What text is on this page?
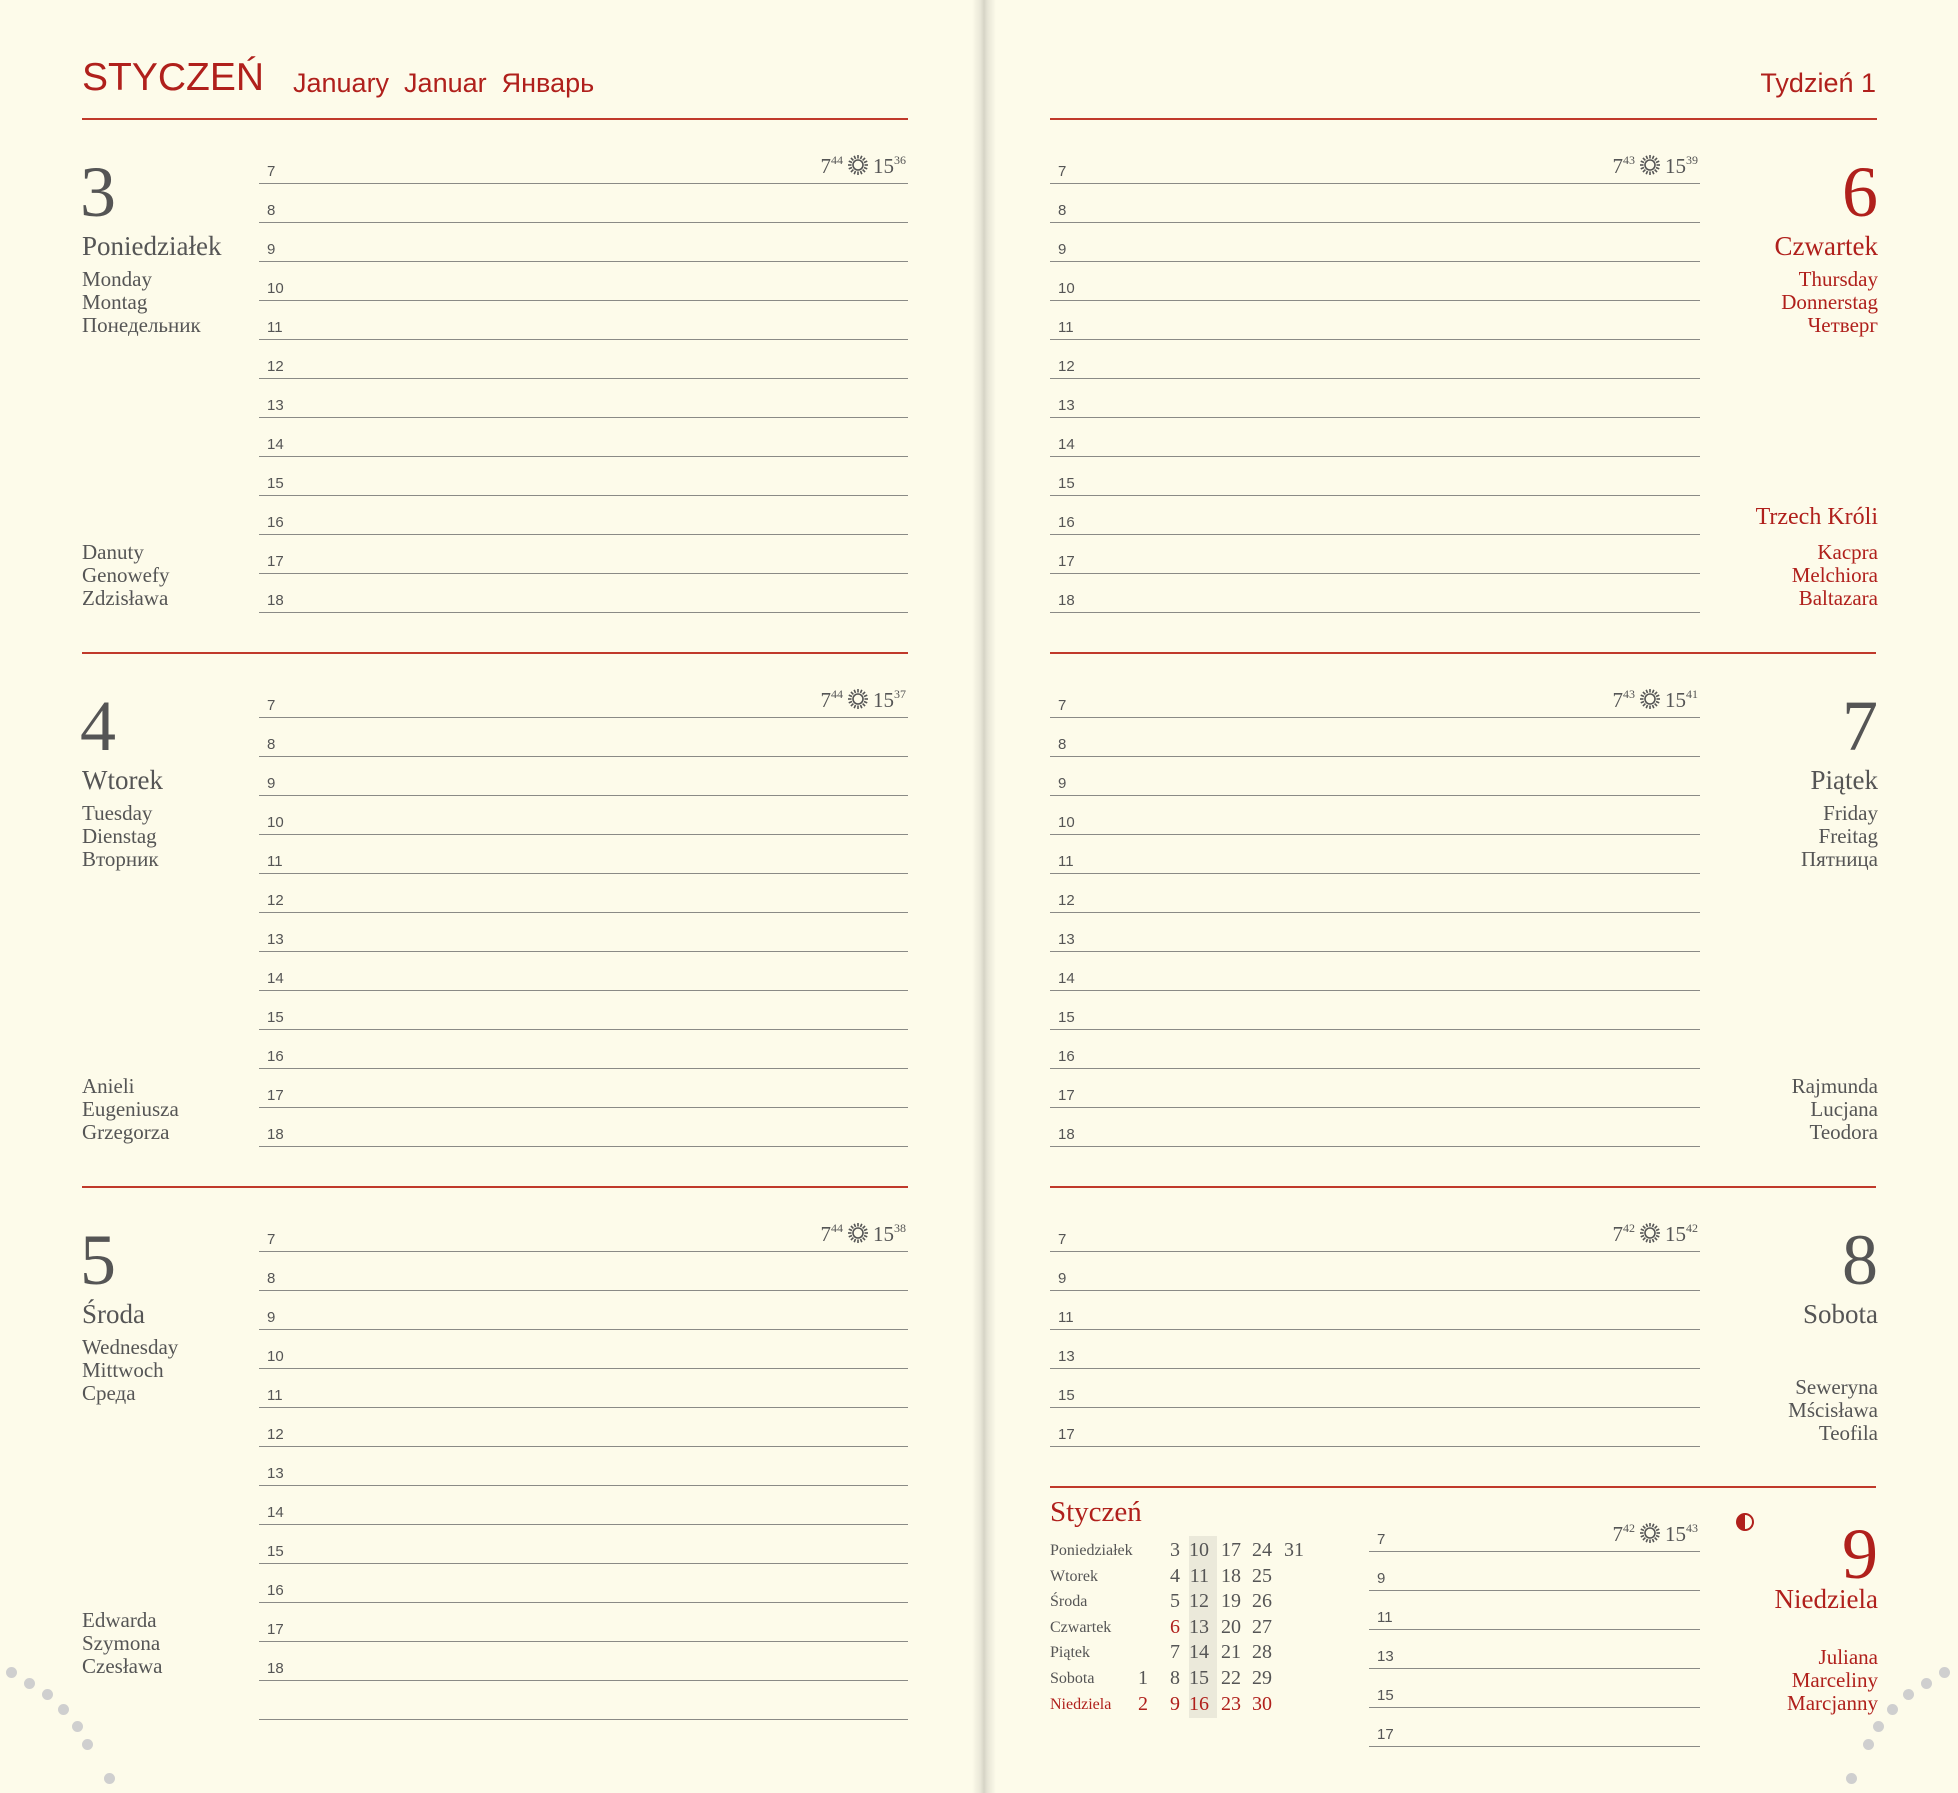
STYCZEŃ January  Januar  Январь	Tydzień 1
7
8
9
10
11
12
13
14
15
16
17
18
$7^{44}$ $15^{36}$
3
Poniedziałek
Monday
Montag
Понедельник
Danuty
Genowefy
Zdzisława
7
8
9
10
11
12
13
14
15
16
17
18
$7^{44}$ $15^{37}$
4
Wtorek
Tuesday
Dienstag
Вторник
Anieli
Eugeniusza
Grzegorza
7
8
9
10
11
12
13
14
15
16
17
18
$7^{44}$ $15^{38}$
5
Środa
Wednesday
Mittwoch
Среда
Edwarda
Szymona
Czesława
7
8
9
10
11
12
13
14
15
16
17
18
$7^{43}$ $15^{39}$	6
Czwartek
Thursday
Donnerstag
Четверг
Trzech Króli
Kacpra
Melchiora
Baltazara
7
8
9
10
11
12
13
14
15
16
17
18
$7^{43}$ $15^{41}$	7
Piątek
Friday
Freitag
Пятница
Rajmunda
Lucjana
Teodora
7
9
11
13
15
17
$7^{42}$ $15^{42}$	8
Sobota
Seweryna
Mścisława
Teofila
7
9
11
13
15
17
$7^{42}$ $15^{43}$	9
Niedziela
Juliana
Marceliny
Marcjanny
Styczeń
Poniedziałek	3 10 17 24 31
Wtorek	4 11 18 25
Środa	5 12 19 26
Czwartek	6 13 20 27
Piątek	7 14 21 28
Sobota	1	8 15 22 29
Niedziela	2	9 16 23 30
